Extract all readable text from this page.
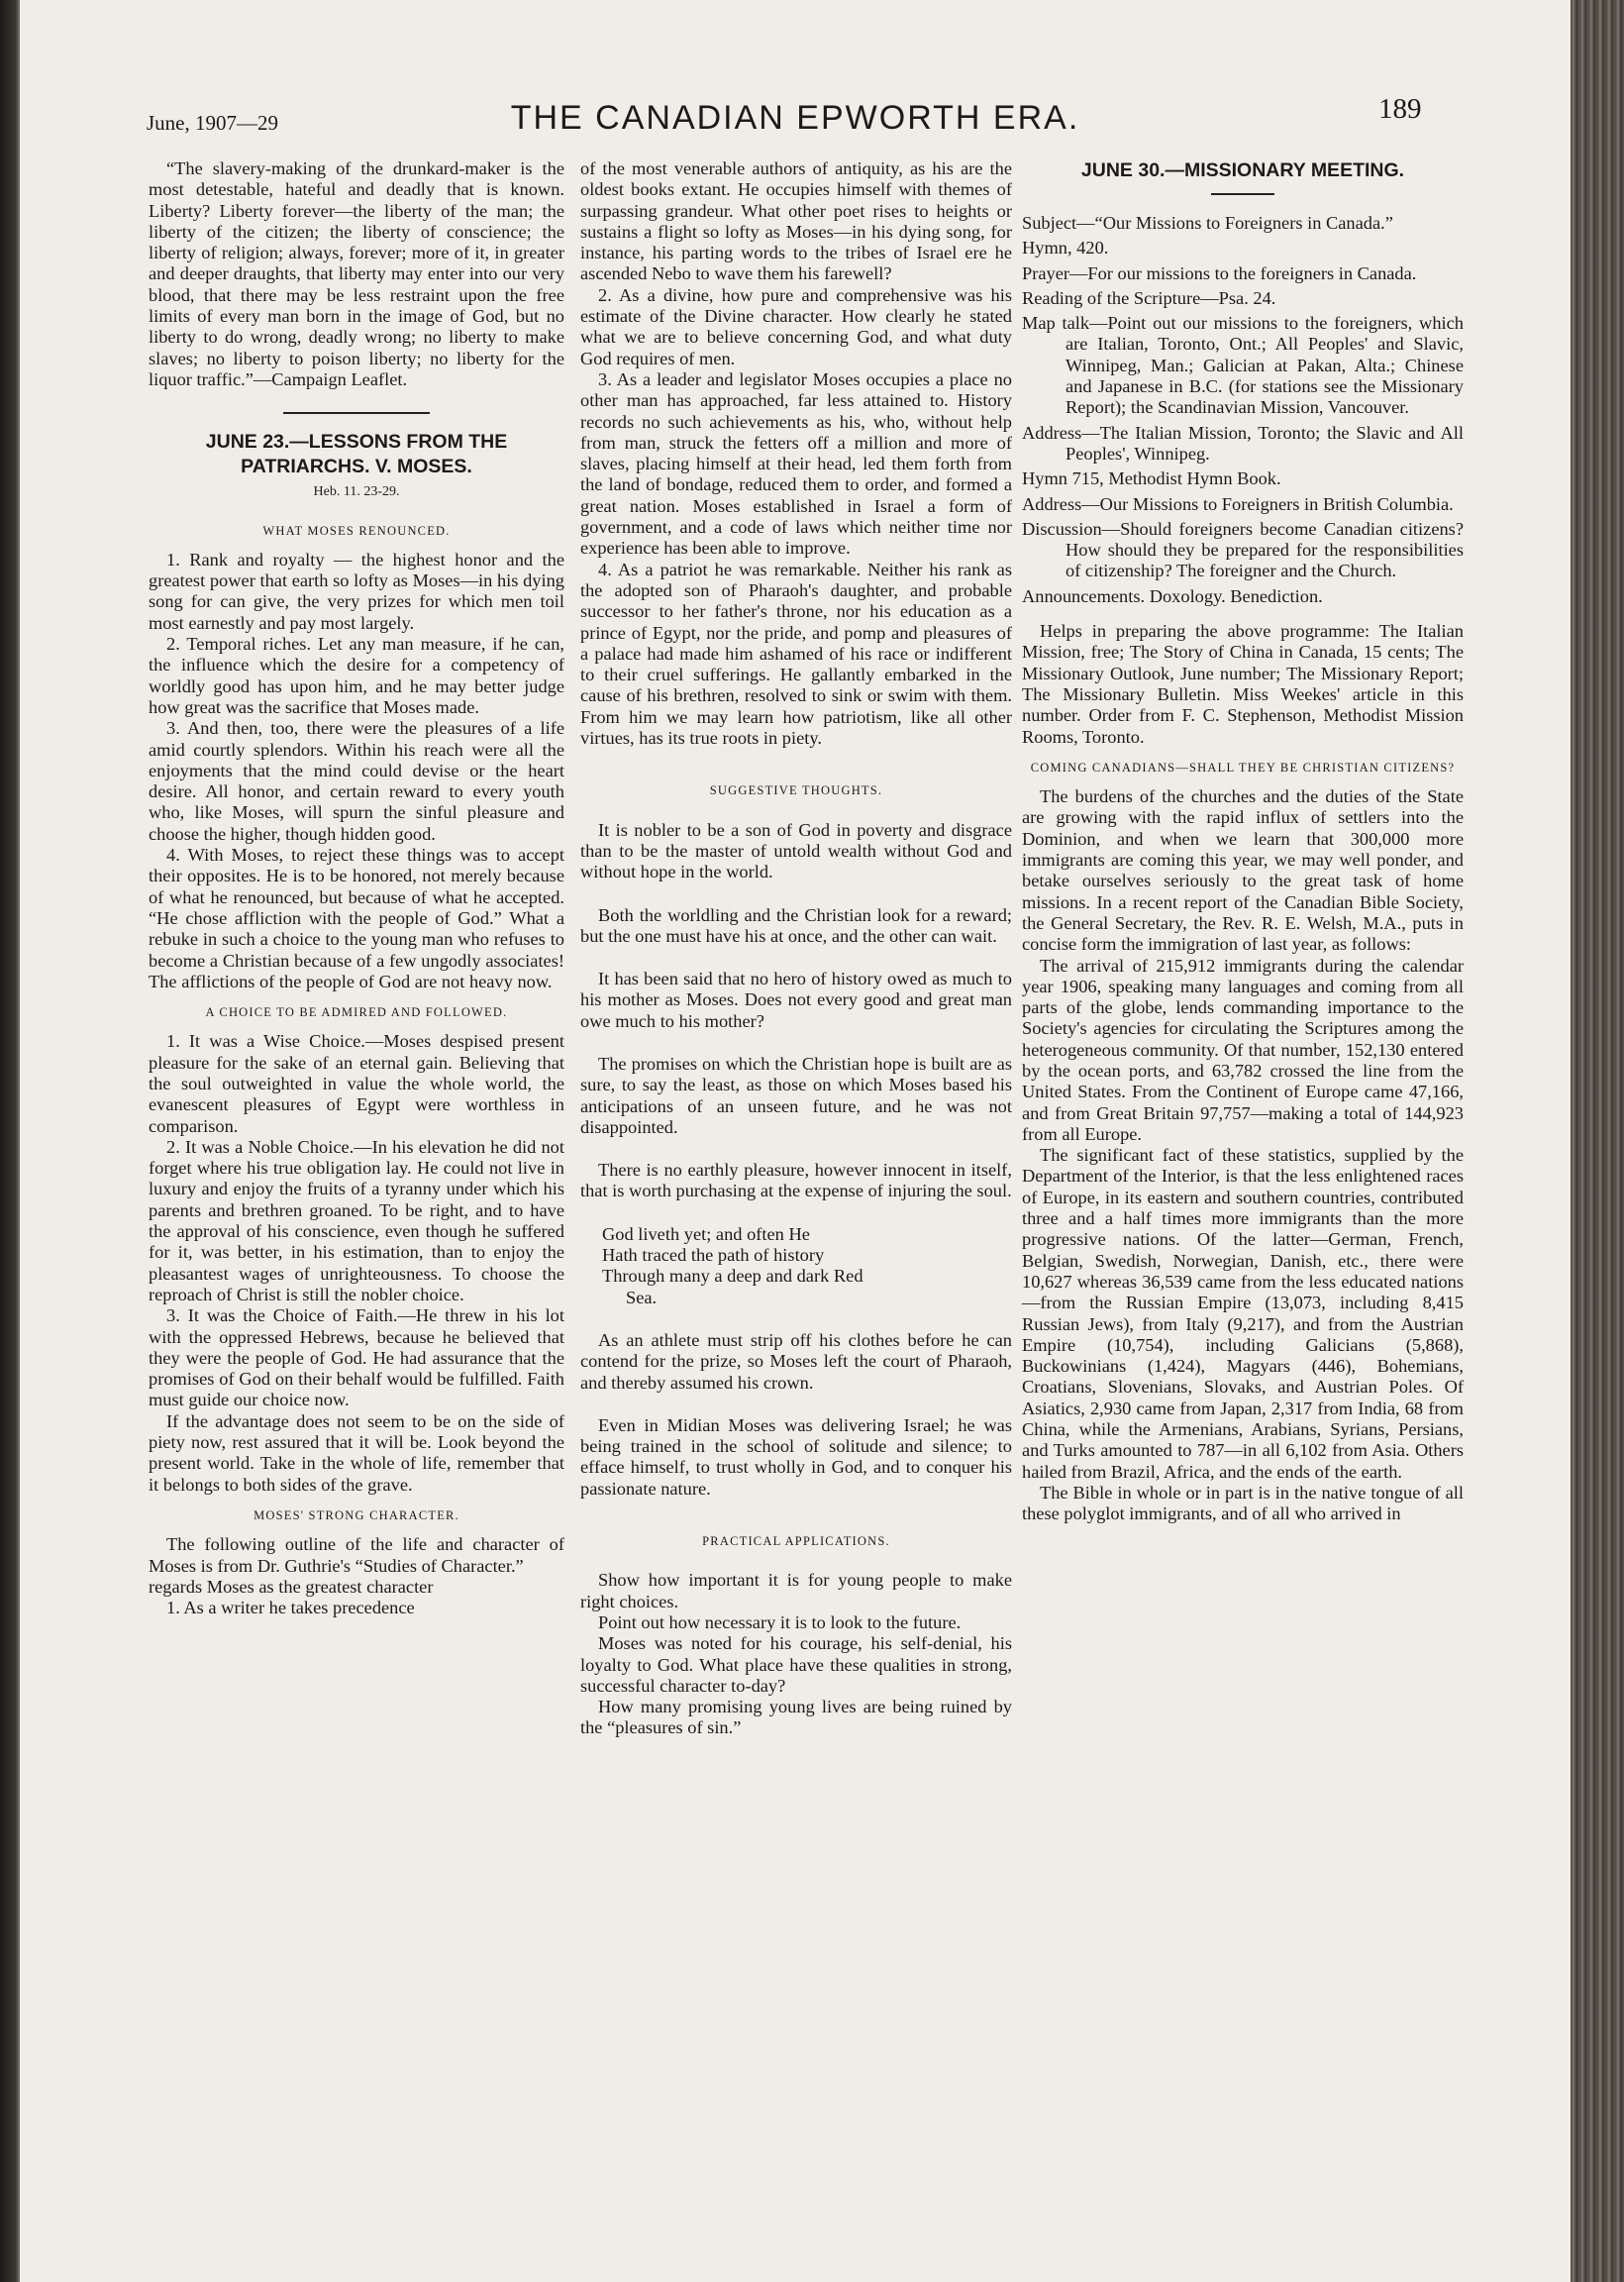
June, 1907—29	THE CANADIAN EPWORTH ERA.	189

“The slavery-making of the drunkard-maker is the most detestable, hateful and deadly that is known. Liberty? Liberty forever—the liberty of the man; the liberty of the citizen; the liberty of conscience; the liberty of religion; always, forever; more of it, in greater and deeper draughts, that liberty may enter into our very blood, that there may be less restraint upon the free limits of every man born in the image of God, but no liberty to do wrong, deadly wrong; no liberty to make slaves; no liberty to poison liberty; no liberty for the liquor traffic.”—Campaign Leaflet.

JUNE 23.—LESSONS FROM THE PATRIARCHS. V. MOSES.

Heb. 11. 23-29.

WHAT MOSES RENOUNCED.

1. Rank and royalty — the highest honor and the greatest power that earth so lofty as Moses—in his dying song for can give, the very prizes for which men toil most earnestly and pay most largely.

2. Temporal riches. Let any man measure, if he can, the influence which the desire for a competency of worldly good has upon him, and he may better judge how great was the sacrifice that Moses made.

3. And then, too, there were the pleasures of a life amid courtly splendors. Within his reach were all the enjoyments that the mind could devise or the heart desire. All honor, and certain reward to every youth who, like Moses, will spurn the sinful pleasure and choose the higher, though hidden good.

4. With Moses, to reject these things was to accept their opposites. He is to be honored, not merely because of what he renounced, but because of what he accepted. “He chose affliction with the people of God.” What a rebuke in such a choice to the young man who refuses to become a Christian because of a few ungodly associates! The afflictions of the people of God are not heavy now.

A CHOICE TO BE ADMIRED AND FOLLOWED.

1. It was a Wise Choice.—Moses despised present pleasure for the sake of an eternal gain. Believing that the soul outweighted in value the whole world, the evanescent pleasures of Egypt were worthless in comparison.

2. It was a Noble Choice.—In his elevation he did not forget where his true obligation lay. He could not live in luxury and enjoy the fruits of a tyranny under which his parents and brethren groaned. To be right, and to have the approval of his conscience, even though he suffered for it, was better, in his estimation, than to enjoy the pleasantest wages of unrighteousness. To choose the reproach of Christ is still the nobler choice.

3. It was the Choice of Faith.—He threw in his lot with the oppressed Hebrews, because he believed that they were the people of God. He had assurance that the promises of God on their behalf would be fulfilled. Faith must guide our choice now.

If the advantage does not seem to be on the side of piety now, rest assured that it will be. Look beyond the present world. Take in the whole of life, remember that it belongs to both sides of the grave.

MOSES' STRONG CHARACTER.

The following outline of the life and character of Moses is from Dr. Guthrie's “Studies of Character.”

regards Moses as the greatest character

1. As a writer he takes precedence

of the most venerable authors of antiquity, as his are the oldest books extant. He occupies himself with themes of surpassing grandeur. What other poet rises to heights or sustains a flight so lofty as Moses—in his dying song, for instance, his parting words to the tribes of Israel ere he ascended Nebo to wave them his farewell?

2. As a divine, how pure and comprehensive was his estimate of the Divine character. How clearly he stated what we are to believe concerning God, and what duty God requires of men.

3. As a leader and legislator Moses occupies a place no other man has approached, far less attained to. History records no such achievements as his, who, without help from man, struck the fetters off a million and more of slaves, placing himself at their head, led them forth from the land of bondage, reduced them to order, and formed a great nation. Moses established in Israel a form of government, and a code of laws which neither time nor experience has been able to improve.

4. As a patriot he was remarkable. Neither his rank as the adopted son of Pharaoh's daughter, and probable successor to her father's throne, nor his education as a prince of Egypt, nor the pride, and pomp and pleasures of a palace had made him ashamed of his race or indifferent to their cruel sufferings. He gallantly embarked in the cause of his brethren, resolved to sink or swim with them. From him we may learn how patriotism, like all other virtues, has its true roots in piety.

SUGGESTIVE THOUGHTS.

It is nobler to be a son of God in poverty and disgrace than to be the master of untold wealth without God and without hope in the world.

Both the worldling and the Christian look for a reward; but the one must have his at once, and the other can wait.

It has been said that no hero of history owed as much to his mother as Moses. Does not every good and great man owe much to his mother?

The promises on which the Christian hope is built are as sure, to say the least, as those on which Moses based his anticipations of an unseen future, and he was not disappointed.

There is no earthly pleasure, however innocent in itself, that is worth purchasing at the expense of injuring the soul.

God liveth yet; and often He

Hath traced the path of history

Through many a deep and dark Red

Sea.

As an athlete must strip off his clothes before he can contend for the prize, so Moses left the court of Pharaoh, and thereby assumed his crown.

Even in Midian Moses was delivering Israel; he was being trained in the school of solitude and silence; to efface himself, to trust wholly in God, and to conquer his passionate nature.

PRACTICAL APPLICATIONS.

Show how important it is for young people to make right choices.

Point out how necessary it is to look to the future.

Moses was noted for his courage, his self-denial, his loyalty to God. What place have these qualities in strong, successful character to-day?

How many promising young lives are being ruined by the “pleasures of sin.”

JUNE 30.—MISSIONARY MEETING.

Subject—“Our Missions to Foreigners in Canada.”

Hymn, 420.

Prayer—For our missions to the foreigners in Canada.

Reading of the Scripture—Psa. 24.

Map talk—Point out our missions to the foreigners, which are Italian, Toronto, Ont.; All Peoples' and Slavic, Winnipeg, Man.; Galician at Pakan, Alta.; Chinese and Japanese in B.C. (for stations see the Missionary Report); the Scandinavian Mission, Vancouver.

Address—The Italian Mission, Toronto; the Slavic and All Peoples', Winnipeg.

Hymn 715, Methodist Hymn Book.

Address—Our Missions to Foreigners in British Columbia.

Discussion—Should foreigners become Canadian citizens? How should they be prepared for the responsibilities of citizenship? The foreigner and the Church.

Announcements. Doxology. Benediction.

Helps in preparing the above programme: The Italian Mission, free; The Story of China in Canada, 15 cents; The Missionary Outlook, June number; The Missionary Report; The Missionary Bulletin. Miss Weekes' article in this number. Order from F. C. Stephenson, Methodist Mission Rooms, Toronto.

COMING CANADIANS—SHALL THEY BE CHRISTIAN CITIZENS?

The burdens of the churches and the duties of the State are growing with the rapid influx of settlers into the Dominion, and when we learn that 300,000 more immigrants are coming this year, we may well ponder, and betake ourselves seriously to the great task of home missions. In a recent report of the Canadian Bible Society, the General Secretary, the Rev. R. E. Welsh, M.A., puts in concise form the immigration of last year, as follows:

The arrival of 215,912 immigrants during the calendar year 1906, speaking many languages and coming from all parts of the globe, lends commanding importance to the Society's agencies for circulating the Scriptures among the heterogeneous community. Of that number, 152,130 entered by the ocean ports, and 63,782 crossed the line from the United States. From the Continent of Europe came 47,166, and from Great Britain 97,757—making a total of 144,923 from all Europe.

The significant fact of these statistics, supplied by the Department of the Interior, is that the less enlightened races of Europe, in its eastern and southern countries, contributed three and a half times more immigrants than the more progressive nations. Of the latter—German, French, Belgian, Swedish, Norwegian, Danish, etc., there were 10,627 whereas 36,539 came from the less educated nations—from the Russian Empire (13,073, including 8,415 Russian Jews), from Italy (9,217), and from the Austrian Empire (10,754), including Galicians (5,868), Buckowinians (1,424), Magyars (446), Bohemians, Croatians, Slovenians, Slovaks, and Austrian Poles. Of Asiatics, 2,930 came from Japan, 2,317 from India, 68 from China, while the Armenians, Arabians, Syrians, Persians, and Turks amounted to 787—in all 6,102 from Asia. Others hailed from Brazil, Africa, and the ends of the earth.

The Bible in whole or in part is in the native tongue of all these polyglot immigrants, and of all who arrived in
